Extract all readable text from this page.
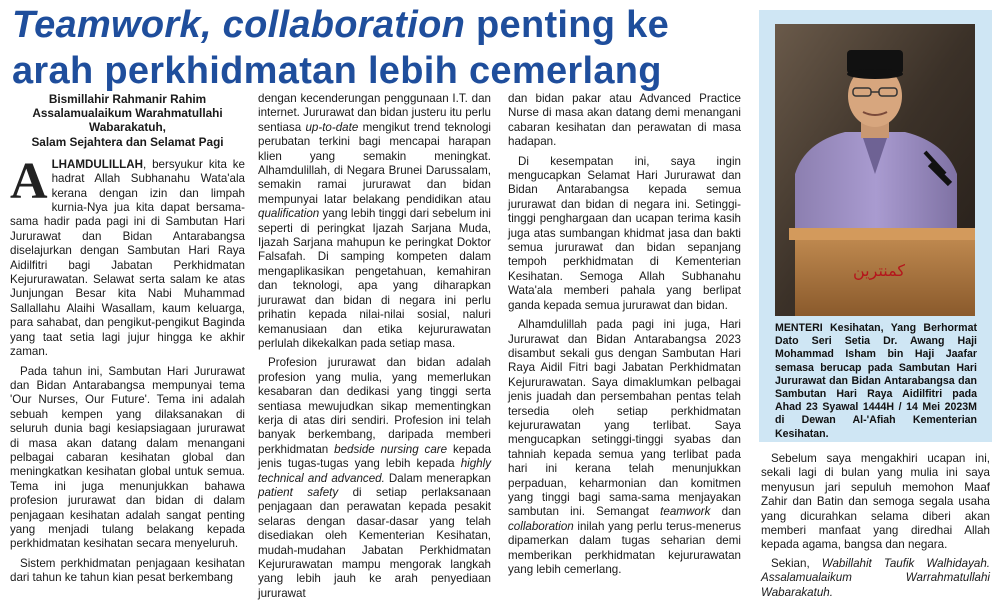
Teamwork, collaboration penting ke
arah perkhidmatan lebih cemerlang
Bismillahir Rahmanir Rahim
Assalamualaikum Warahmatullahi
Wabarakatuh,
Salam Sejahtera dan Selamat Pagi

ALHAMDULILLAH, bersyukur kita ke hadrat Allah Subhanahu Wata'ala kerana dengan izin dan limpah kurnia-Nya jua kita dapat bersama-sama hadir pada pagi ini di Sambutan Hari Jururawat dan Bidan Antarabangsa diselajurkan dengan Sambutan Hari Raya Aidilfitri bagi Jabatan Perkhidmatan Kejururawatan. Selawat serta salam ke atas Junjungan Besar kita Nabi Muhammad Sallallahu Alaihi Wasallam, kaum keluarga, para sahabat, dan pengikut-pengikut Baginda yang taat setia lagi jujur hingga ke akhir zaman.

Pada tahun ini, Sambutan Hari Jururawat dan Bidan Antarabangsa mempunyai tema 'Our Nurses, Our Future'. Tema ini adalah sebuah kempen yang dilaksanakan di seluruh dunia bagi kesiapsiagaan jururawat di masa akan datang dalam menangani pelbagai cabaran kesihatan global dan meningkatkan kesihatan global untuk semua. Tema ini juga menunjukkan bahawa profesion jururawat dan bidan di dalam penjagaan kesihatan adalah sangat penting yang menjadi tulang belakang kepada perkhidmatan kesihatan secara menyeluruh.

Sistem perkhidmatan penjagaan kesihatan dari tahun ke tahun kian pesat berkembang

dengan kecenderungan penggunaan I.T. dan internet. Jururawat dan bidan justeru itu perlu sentiasa up-to-date mengikut trend teknologi perubatan terkini bagi mencapai harapan klien yang semakin meningkat. Alhamdulillah, di Negara Brunei Darussalam, semakin ramai jururawat dan bidan mempunyai latar belakang pendidikan atau qualification yang lebih tinggi dari sebelum ini seperti di peringkat Ijazah Sarjana Muda, Ijazah Sarjana mahupun ke peringkat Doktor Falsafah. Di samping kompeten dalam mengaplikasikan pengetahuan, kemahiran dan teknologi, apa yang diharapkan jururawat dan bidan di negara ini perlu prihatin kepada nilai-nilai sosial, naluri kemanusiaan dan etika kejururawatan perlulah dikekalkan pada setiap masa.

Profesion jururawat dan bidan adalah profesion yang mulia, yang memerlukan kesabaran dan dedikasi yang tinggi serta sentiasa mewujudkan sikap mementingkan kerja di atas diri sendiri. Profesion ini telah banyak berkembang, daripada memberi perkhidmatan bedside nursing care kepada jenis tugas-tugas yang lebih kepada highly technical and advanced. Dalam menerapkan patient safety di setiap perlaksanaan penjagaan dan perawatan kepada pesakit selaras dengan dasar-dasar yang telah disediakan oleh Kementerian Kesihatan, mudah-mudahan Jabatan Perkhidmatan Kejururawatan mampu mengorak langkah yang lebih jauh ke arah penyediaan jururawat

dan bidan pakar atau Advanced Practice Nurse di masa akan datang demi menangani cabaran kesihatan dan perawatan di masa hadapan.

Di kesempatan ini, saya ingin mengucapkan Selamat Hari Jururawat dan Bidan Antarabangsa kepada semua jururawat dan bidan di negara ini. Setinggi-tinggi penghargaan dan ucapan terima kasih juga atas sumbangan khidmat jasa dan bakti semua jururawat dan bidan sepanjang tempoh perkhidmatan di Kementerian Kesihatan. Semoga Allah Subhanahu Wata'ala memberi pahala yang berlipat ganda kepada semua jururawat dan bidan.

Alhamdulillah pada pagi ini juga, Hari Jururawat dan Bidan Antarabangsa 2023 disambut sekali gus dengan Sambutan Hari Raya Aidil Fitri bagi Jabatan Perkhidmatan Kejururawatan. Saya dimaklumkan pelbagai jenis juadah dan persembahan pentas telah tersedia oleh setiap perkhidmatan kejururawatan yang terlibat. Saya mengucapkan setinggi-tinggi syabas dan tahniah kepada semua yang terlibat pada hari ini kerana telah menunjukkan perpaduan, keharmonian dan komitmen yang tinggi bagi sama-sama menjayakan sambutan ini. Semangat teamwork dan collaboration inilah yang perlu terus-menerus dipamerkan dalam tugas seharian demi memberikan perkhidmatan kejururawatan yang lebih cemerlang.

كمنترين
MENTERI Kesihatan, Yang Berhormat Dato Seri Setia Dr. Awang Haji Mohammad Isham bin Haji Jaafar semasa berucap pada Sambutan Hari Jururawat dan Bidan Antarabangsa dan Sambutan Hari Raya Aidilfitri pada Ahad 23 Syawal 1444H / 14 Mei 2023M di Dewan Al-'Afiah Kementerian Kesihatan.

Sebelum saya mengakhiri ucapan ini, sekali lagi di bulan yang mulia ini saya menyusun jari sepuluh memohon Maaf Zahir dan Batin dan semoga segala usaha yang dicurahkan selama diberi akan memberi manfaat yang diredhai Allah kepada agama, bangsa dan negara.

Sekian, Wabillahit Taufik Walhidayah. Assalamualaikum Warrahmatullahi Wabarakatuh.
